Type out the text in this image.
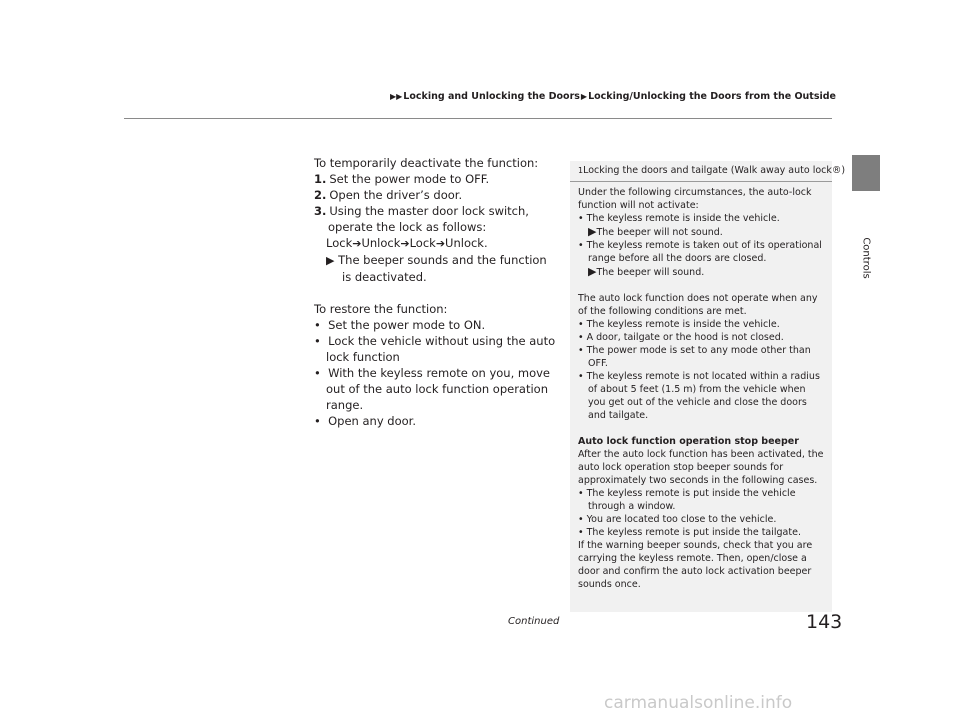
▶▶Locking and Unlocking the Doors▶Locking/Unlocking the Doors from the Outside
Controls

To temporarily deactivate the function:

1. Set the power mode to OFF.

2. Open the driver’s door.

3. Using the master door lock switch, operate the lock as follows:

Lock➔Unlock➔Lock➔Unlock.

▶ The beeper sounds and the function is deactivated.

To restore the function:

•  Set the power mode to ON.

•  Lock the vehicle without using the auto lock function

•  With the keyless remote on you, move out of the auto lock function operation range.

•  Open any door.

1Locking the doors and tailgate (Walk away auto lock®)

Under the following circumstances, the auto-lock function will not activate:

• The keyless remote is inside the vehicle.

▶The beeper will not sound.

• The keyless remote is taken out of its operational range before all the doors are closed.

▶The beeper will sound.

The auto lock function does not operate when any of the following conditions are met.

• The keyless remote is inside the vehicle.

• A door, tailgate or the hood is not closed.

• The power mode is set to any mode other than OFF.

• The keyless remote is not located within a radius of about 5 feet (1.5 m) from the vehicle when you get out of the vehicle and close the doors and tailgate.

Auto lock function operation stop beeper

After the auto lock function has been activated, the auto lock operation stop beeper sounds for approximately two seconds in the following cases.

• The keyless remote is put inside the vehicle through a window.

• You are located too close to the vehicle.

• The keyless remote is put inside the tailgate.

If the warning beeper sounds, check that you are carrying the keyless remote. Then, open/close a door and confirm the auto lock activation beeper sounds once.

Continued	143
carmanualsonline.info
